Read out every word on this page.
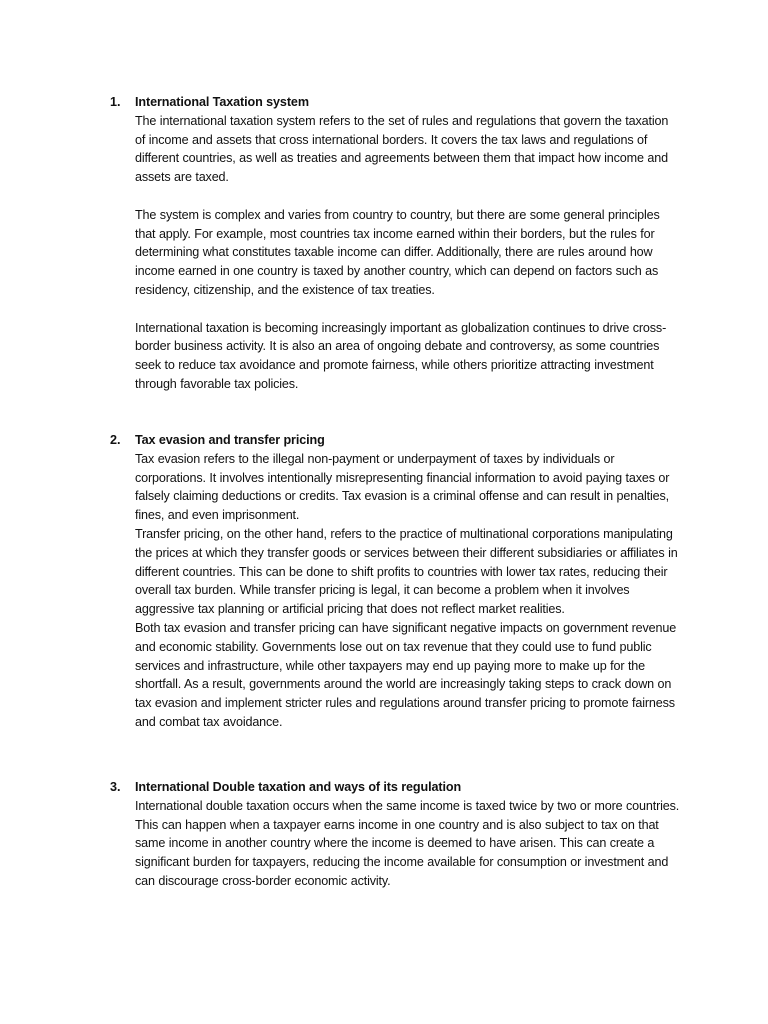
1.	International Taxation system

The international taxation system refers to the set of rules and regulations that govern the taxation of income and assets that cross international borders. It covers the tax laws and regulations of different countries, as well as treaties and agreements between them that impact how income and assets are taxed.

The system is complex and varies from country to country, but there are some general principles that apply. For example, most countries tax income earned within their borders, but the rules for determining what constitutes taxable income can differ. Additionally, there are rules around how income earned in one country is taxed by another country, which can depend on factors such as residency, citizenship, and the existence of tax treaties.

International taxation is becoming increasingly important as globalization continues to drive cross-border business activity. It is also an area of ongoing debate and controversy, as some countries seek to reduce tax avoidance and promote fairness, while others prioritize attracting investment through favorable tax policies.

2.	Tax evasion and transfer pricing

Tax evasion refers to the illegal non-payment or underpayment of taxes by individuals or corporations. It involves intentionally misrepresenting financial information to avoid paying taxes or falsely claiming deductions or credits. Tax evasion is a criminal offense and can result in penalties, fines, and even imprisonment.

Transfer pricing, on the other hand, refers to the practice of multinational corporations manipulating the prices at which they transfer goods or services between their different subsidiaries or affiliates in different countries. This can be done to shift profits to countries with lower tax rates, reducing their overall tax burden. While transfer pricing is legal, it can become a problem when it involves aggressive tax planning or artificial pricing that does not reflect market realities.

Both tax evasion and transfer pricing can have significant negative impacts on government revenue and economic stability. Governments lose out on tax revenue that they could use to fund public services and infrastructure, while other taxpayers may end up paying more to make up for the shortfall. As a result, governments around the world are increasingly taking steps to crack down on tax evasion and implement stricter rules and regulations around transfer pricing to promote fairness and combat tax avoidance.

3.	International Double taxation and ways of its regulation

International double taxation occurs when the same income is taxed twice by two or more countries. This can happen when a taxpayer earns income in one country and is also subject to tax on that same income in another country where the income is deemed to have arisen. This can create a significant burden for taxpayers, reducing the income available for consumption or investment and can discourage cross-border economic activity.
